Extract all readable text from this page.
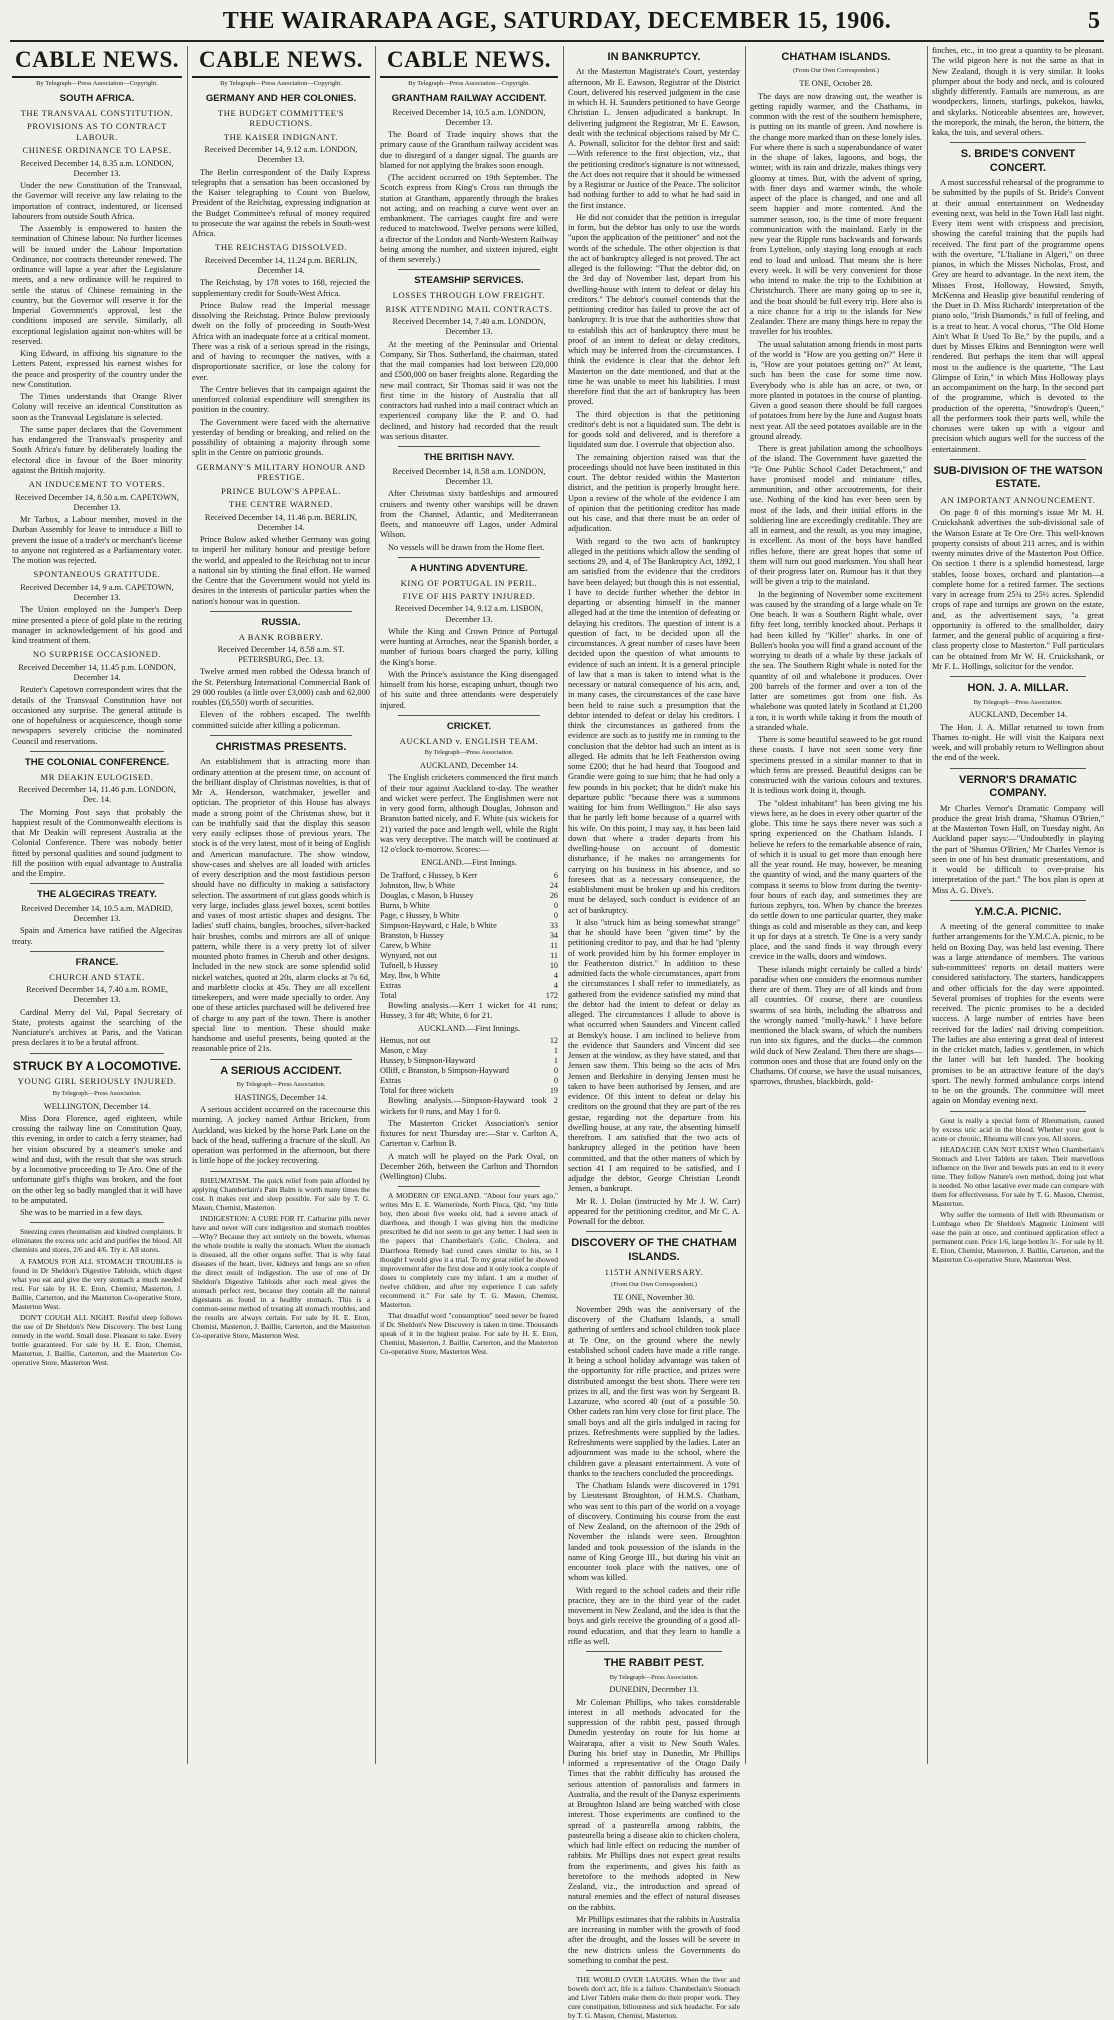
THE WAIRARAPA AGE, SATURDAY, DECEMBER 15, 1906.	5
CABLE NEWS.

By Telegraph—Press Association—Copyright.

SOUTH AFRICA.
THE TRANSVAAL CONSTITUTION.
PROVISIONS AS TO CONTRACT LABOUR.
CHINESE ORDINANCE TO LAPSE.

Received December 14, 8.35 a.m. LONDON, December 13.

Under the new Constitution of the Transvaal, the Governor will receive any law relating to the importation of contract, indentured, or licensed labourers from outside South Africa.

The Assembly is empowered to hasten the termination of Chinese labour. No further licenses will be issued under the Labour Importation Ordinance, nor contracts thereunder renewed. The ordinance will lapse a year after the Legislature meets, and a new ordinance will be required to settle the status of Chinese remaining in the country, but the Governor will reserve it for the Imperial Government's approval, lest the conditions imposed are servile. Similarly, all exceptional legislation against non-whites will be reserved.

King Edward, in affixing his signature to the Letters Patent, expressed his earnest wishes for the peace and prosperity of the country under the new Constitution.

The Times understands that Orange River Colony will receive an identical Constitution as soon as the Transvaal Legislature is selected.

The same paper declares that the Government has endangered the Transvaal's prosperity and South Africa's future by deliberately loading the electoral dice in favour of the Boer minority against the British majority.

AN INDUCEMENT TO VOTERS.

Received December 14, 8.50 a.m. CAPETOWN, December 13.

Mr Tarbox, a Labour member, moved in the Durban Assembly for leave to introduce a Bill to prevent the issue of a trader's or merchant's license to anyone not registered as a Parliamentary voter. The motion was rejected.

SPONTANEOUS GRATITUDE.

Received December 14, 9 a.m. CAPETOWN, December 13.

The Union employed on the Jumper's Deep mine presented a piece of gold plate to the retiring manager in acknowledgement of his good and kind treatment of them.

NO SURPRISE OCCASIONED.

Received December 14, 11.45 p.m. LONDON, December 14.

Reuter's Capetown correspondent wires that the details of the Transvaal Constitution have not occasioned any surprise. The general attitude is one of hopefulness or acquiescence, though some newspapers severely criticise the nominated Council and reservations.

THE COLONIAL CONFERENCE.
MR DEAKIN EULOGISED.

Received December 14, 11.46 p.m. LONDON, Dec. 14.

The Morning Post says that probably the happiest result of the Commonwealth elections is that Mr Deakin will represent Australia at the Colonial Conference. There was nobody better fitted by personal qualities and sound judgment to fill the position with equal advantage to Australia and the Empire.

THE ALGECIRAS TREATY.

Received December 14, 10.5 a.m. MADRID, December 13.

Spain and America have ratified the Algeciras treaty.

FRANCE.
CHURCH AND STATE.

Received December 14, 7.40 a.m. ROME, December 13.

Cardinal Merry del Val, Papal Secretary of State, protests against the searching of the Nunciature's archives at Paris, and the Vatican press declares it to be a brutal affront.

STRUCK BY A LOCOMOTIVE.
YOUNG GIRL SERIOUSLY INJURED.

By Telegraph—Press Association.

WELLINGTON, December 14.

Miss Dora Florence, aged eighteen, while crossing the railway line on Constitution Quay, this evening, in order to catch a ferry steamer, had her vision obscured by a steamer's smoke and wind and dust, with the result that she was struck by a locomotive proceeding to Te Aro. One of the unfortunate girl's thighs was broken, and the foot on the other leg so badly mangled that it will have to be amputated.

She was to be married in a few days.

Sneezing cures rheumatism and kindred complaints. It eliminates the excess uric acid and purifies the blood. All chemists and stores, 2/6 and 4/6. Try it. All stores.

A FAMOUS FOR ALL STOMACH TROUBLES is found in Dr Sheldon's Digestive Tabloids, which digest what you eat and give the very stomach a much needed rest. For sale by H. E. Eton, Chemist, Masterton, J. Baillie, Carterton, and the Masterton Co-operative Store, Masterton West.

DON'T COUGH ALL NIGHT. Restful sleep follows the use of Dr Sheldon's New Discovery. The best Lung remedy in the world. Small dose. Pleasant to take. Every bottle guaranteed. For sale by H. E. Eton, Chemist, Masterton, J. Baillie, Carterton, and the Masterton Co-operative Store, Masterton West.

CABLE NEWS.

By Telegraph—Press Association—Copyright.

GERMANY AND HER COLONIES.
THE BUDGET COMMITTEE'S REDUCTIONS.
THE KAISER INDIGNANT.

Received December 14, 9.12 a.m. LONDON, December 13.

The Berlin correspondent of the Daily Express telegraphs that a sensation has been occasioned by the Kaiser telegraphing to Count von Buelow, President of the Reichstag, expressing indignation at the Budget Committee's refusal of money required to prosecute the war against the rebels in South-west Africa.

THE REICHSTAG DISSOLVED.

Received December 14, 11.24 p.m. BERLIN, December 14.

The Reichstag, by 178 votes to 168, rejected the supplementary credit for South-West Africa.

Prince Bulow read the Imperial message dissolving the Reichstag. Prince Bulow previously dwelt on the folly of proceeding in South-West Africa with an inadequate force at a critical moment. There was a risk of a serious spread in the risings, and of having to reconquer the natives, with a disproportionate sacrifice, or lose the colony for ever.

The Centre believes that its campaign against the unenforced colonial expenditure will strengthen its position in the country.

The Government were faced with the alternative yesterday of bending or breaking, and relied on the possibility of obtaining a majority through some split in the Centre on patriotic grounds.

GERMANY'S MILITARY HONOUR AND PRESTIGE.
PRINCE BULOW'S APPEAL.
THE CENTRE WARNED.

Received December 14, 11.46 p.m. BERLIN, December 14.

Prince Bulow asked whether Germany was going to imperil her military honour and prestige before the world, and appealed to the Reichstag not to incur a national sin by stinting the final effort. He warned the Centre that the Government would not yield its desires in the interests of particular parties when the nation's honour was in question.

RUSSIA.
A BANK ROBBERY.

Received December 14, 8.58 a.m. ST. PETERSBURG, Dec. 13.

Twelve armed men robbed the Odessa branch of the St. Petersburg International Commercial Bank of 29 000 roubles (a little over £3,000) cash and 62,000 roubles (£6,550) worth of securities.

Eleven of the robbers escaped. The twelfth committed suicide after killing a policeman.

CHRISTMAS PRESENTS.

An establishment that is attracting more than ordinary attention at the present time, on account of the brilliant display of Christmas novelties, is that of Mr A. Henderson, watchmaker, jeweller and optician. The proprietor of this House has always made a strong point of the Christmas show, but it can be truthfully said that the display this season very easily eclipses those of previous years. The stock is of the very latest, most of it being of English and American manufacture. The show window, show-cases and shelves are all loaded with articles of every description and the most fastidious person should have no difficulty in making a satisfactory selection. The assortment of cut glass goods which is very large, includes glass jewel boxes, scent bottles and vases of most artistic shapes and designs. The ladies' stuff chains, bangles, brooches, silver-backed hair brushes, combs and mirrors are all of unique pattern, while there is a very pretty lot of silver mounted photo frames in Cherub and other designs. Included in the new stock are some splendid solid nickel watches, quoted at 20s, alarm clocks at 7s 6d, and marblette clocks at 45s. They are all excellent timekeepers, and were made specially to order. Any one of these articles purchased will be delivered free of charge to any part of the town. There is another special line to mention. These should make handsome and useful presents, being quoted at the reasonable price of 21s.

A SERIOUS ACCIDENT.

By Telegraph—Press Association.

HASTINGS, December 14.

A serious accident occurred on the racecourse this morning. A jockey named Arthur Bricken, from Auckland, was kicked by the horse Park Lane on the back of the head, suffering a fracture of the skull. An operation was performed in the afternoon, but there is little hope of the jockey recovering.

RHEUMATISM. The quick relief from pain afforded by applying Chamberlain's Pain Balm is worth many times the cost. It makes rest and sleep possible. For sale by T. G. Mason, Chemist, Masterton.

INDIGESTION: A CURE FOR IT. Catharine pills never have and never will cure indigestion and stomach troubles—Why? Because they act entirely on the bowels, whereas the whole trouble is really the stomach. When the stomach is diseased, all the other organs suffer. That is why fatal diseases of the heart, liver, kidneys and lungs are so often the direct result of indigestion. The use of one of Dr Sheldon's Digestive Tabloids after each meal gives the stomach perfect rest, because they contain all the natural digestants as found in a healthy stomach. This is a common-sense method of treating all stomach troubles, and the results are always certain. For sale by H. E. Eton, Chemist, Masterton, J. Baillie, Carterton, and the Masterton Co-operative Store, Masterton West.

CABLE NEWS.

By Telegraph—Press Association—Copyright.

GRANTHAM RAILWAY ACCIDENT.

Received December 14, 10.5 a.m. LONDON, December 13.

The Board of Trade inquiry shows that the primary cause of the Grantham railway accident was due to disregard of a danger signal. The guards are blamed for not applying the brakes soon enough.

(The accident occurred on 19th September. The Scotch express from King's Cross ran through the station at Grantham, apparently through the brakes not acting, and on reaching a curve went over an embankment. The carriages caught fire and were reduced to matchwood. Twelve persons were killed, a director of the London and North-Western Railway being among the number, and sixteen injured, eight of them severely.)

STEAMSHIP SERVICES.
LOSSES THROUGH LOW FREIGHT.
RISK ATTENDING MAIL CONTRACTS.

Received December 14, 7.40 a.m. LONDON, December 13.

At the meeting of the Peninsular and Oriental Company, Sir Thos. Sutherland, the chairman, stated that the mail companies had lost between £20,000 and £500,000 on baser freights alone. Regarding the new mail contract, Sir Thomas said it was not the first time in the history of Australia that all contractors had rushed into a mail contract which an experienced company like the P. and O. had declined, and history had recorded that the result was serious disaster.

THE BRITISH NAVY.

Received December 14, 8.58 a.m. LONDON, December 13.

After Christmas sixty battleships and armoured cruisers and twenty other warships will be drawn from the Channel, Atlantic, and Mediterranean fleets, and manoeuvre off Lagos, under Admiral Wilson.

No vessels will be drawn from the Home fleet.

A HUNTING ADVENTURE.
KING OF PORTUGAL IN PERIL.
FIVE OF HIS PARTY INJURED.

Received December 14, 9.12 a.m. LISBON, December 13.

While the King and Crown Prince of Portugal were hunting at Arroches, near the Spanish border, a number of furious boars charged the party, killing the King's horse.

With the Prince's assistance the King disengaged himself from his horse, escaping unhurt, though two of his suite and three attendants were desperately injured.

CRICKET.
AUCKLAND v. ENGLISH TEAM.

By Telegraph—Press Association.

AUCKLAND, December 14.

The English cricketers commenced the first match of their tour against Auckland to-day. The weather and wicket were perfect. The Englishmen were not in very good form, although Douglas, Johnson and Branston batted nicely, and F. White (six wickets for 21) varied the pace and length well, while the Right was very deceptive. The match will be continued at 12 o'clock to-morrow. Scores:—

ENGLAND.—First Innings.

De Trafford, c Hussey, b Kerr	6
Johnston, lbw, b White	24
Douglas, c Mason, b Hussey	26
Burns, b White	0
Page, c Hussey, b White	0
Simpson-Hayward, c Hale, b White	33
Branston, b Hussey	34
Carew, b White	11
Wynyard, not out	11
Tufnell, b Hussey	10
May, lbw, b White	4
Extras	4
Total	172

Bowling analysis.—Kerr 1 wicket for 41 runs; Hussey, 3 for 48; White, 6 for 21.

AUCKLAND.—First Innings.

Hemus, not out	12
Mason, c May	1
Hussey, b Simpson-Hayward	1
Olliff, c Branston, b Simpson-Hayward	0
Extras	0
Total for three wickets	19

Bowling analysis.—Simpson-Hayward took 2 wickets for 0 runs, and May 1 for 0.

The Masterton Cricket Association's senior fixtures for next Thursday are:—Star v. Carlton A, Carterton v. Carlton B.

A match will be played on the Park Oval, on December 26th, between the Carlton and Thorndon (Wellington) Clubs.

A MODERN OF ENGLAND. "About four years ago," writes Mrs E. E. Warnerinde, North Pinca, Qld, "my little boy, then about five weeks old, had a severe attack of diarrhoea, and though I was giving him the medicine prescribed he did not seem to get any better. I had seen in the papers that Chamberlain's Colic, Cholera, and Diarrhoea Remedy had cured cases similar to his, so I thought I would give it a trial. To my great relief he showed improvement after the first dose and it only took a couple of doses to completely cure my infant. I am a mother of twelve children, and after my experience I can safely recommend it." For sale by T. G. Mason, Chemist, Masterton.

That dreadful word "consumption" need never be feared if Dr. Sheldon's New Discovery is taken in time. Thousands speak of it in the highest praise. For sale by H. E. Eton, Chemist, Masterton, J. Baillie, Carterton, and the Masterton Co-operative Store, Masterton West.

IN BANKRUPTCY.

At the Masterton Magistrate's Court, yesterday afternoon, Mr E. Eawson, Registrar of the District Court, delivered his reserved judgment in the case in which H. H. Saunders petitioned to have George Christian L. Jensen adjudicated a bankrupt. In delivering judgment the Registrar, Mr E. Eawson, dealt with the technical objections raised by Mr C. A. Pownall, solicitor for the debtor first and said:—With reference to the first objection, viz., that the petitioning creditor's signature is not witnessed, the Act does not require that it should be witnessed by a Registrar or Justice of the Peace. The solicitor had nothing further to add to what he had said in the first instance.

He did not consider that the petition is irregular in form, but the debtor has only to use the words "upon the application of the petitioner" and not the words of the schedule. The other objection is that the act of bankruptcy alleged is not proved. The act alleged is the following: "That the debtor did, on the 3rd day of November last, depart from his dwelling-house with intent to defeat or delay his creditors." The debtor's counsel contends that the petitioning creditor has failed to prove the act of bankruptcy. It is true that the authorities show that to establish this act of bankruptcy there must be proof of an intent to defeat or delay creditors, which may be inferred from the circumstances. I think the evidence is clear that the debtor left Masterton on the date mentioned, and that at the time he was unable to meet his liabilities. I must therefore find that the act of bankruptcy has been proved.

The third objection is that the petitioning creditor's debt is not a liquidated sum. The debt is for goods sold and delivered, and is therefore a liquidated sum due. I overrule that objection also.

The remaining objection raised was that the proceedings should not have been instituted in this court. The debtor resided within the Masterton district, and the petition is properly brought here. Upon a review of the whole of the evidence I am of opinion that the petitioning creditor has made out his case, and that there must be an order of adjudication.

With regard to the two acts of bankruptcy alleged in the petitions which allow the sending of sections 29, and 4, of The Bankruptcy Act, 1892, I am satisfied from the evidence that the creditors have been delayed; but though this is not essential, I have to decide further whether the debtor in departing or absenting himself in the manner alleged had at the time the intention of defeating or delaying his creditors. The question of intent is a question of fact, to be decided upon all the circumstances. A great number of cases have been decided upon the question of what amounts to evidence of such an intent. It is a general principle of law that a man is taken to intend what is the necessary or natural consequence of his acts, and, in many cases, the circumstances of the case have been held to raise such a presumption that the debtor intended to defeat or delay his creditors. I think the circumstances as gathered from the evidence are such as to justify me in coming to the conclusion that the debtor had such an intent as is alleged. He admits that he left Featherston owing some £200; that he had heard that Toogood and Grandie were going to sue him; that he had only a few pounds in his pocket; that he didn't make his departure public "because there was a summons waiting for him from Wellington." He also says that he partly left home because of a quarrel with his wife. On this point, I may say, it has been laid down that where a trader departs from his dwelling-house on account of domestic disturbance, if he makes no arrangements for carrying on his business in his absence, and so foresees that as a necessary consequence, the establishment must be broken up and his creditors must be delayed, such conduct is evidence of an act of bankruptcy.

It also "struck him as being somewhat strange" that he should have been "given time" by the petitioning creditor to pay, and that he had "plenty of work provided him by his former employer in the Featherston district." In addition to these admitted facts the whole circumstances, apart from the circumstances I shall refer to immediately, as gathered from the evidence satisfied my mind that the debtor had the intent to defeat or delay as alleged. The circumstances I allude to above is what occurred when Saunders and Vincent called at Bensky's house. I am inclined to believe from the evidence that Saunders and Vincent did see Jensen at the window, as they have stated, and that Jensen saw them. This being so the acts of Mrs Jensen and Berkshire in denying Jensen must be taken to have been authorised by Jensen, and are evidence. Of this intent to defeat or delay his creditors on the ground that they are part of the res gestae, regarding not the departure from his dwelling house, at any rate, the absenting himself therefrom. I am satisfied that the two acts of bankruptcy alleged in the petition have been committed, and that the other matters of which by section 41 I am required to be satisfied, and I adjudge the debtor, George Christian Leondt Jensen, a bankrupt.

Mr R. J. Dolan (instructed by Mr J. W. Carr) appeared for the petitioning creditor, and Mr C. A. Pownall for the debtor.

DISCOVERY OF THE CHATHAM ISLANDS.
115TH ANNIVERSARY.

(From Our Own Correspondent.)

TE ONE, November 30.

November 29th was the anniversary of the discovery of the Chatham Islands, a small gathering of settlers and school children took place at Te One, on the ground where the newly established school cadets have made a rifle range. It being a school holiday advantage was taken of the opportunity for rifle practice, and prizes were distributed amongst the best shots. There were ten prizes in all, and the first was won by Sergeant B. Lazaruze, who scored 40 (out of a possible 50. Other cadets ran him very close for first place. The small boys and all the girls indulged in racing for prizes. Refreshments were supplied by the ladies. Refreshments were supplied by the ladies. Later an adjournment was made to the school, where the children gave a pleasant entertainment. A vote of thanks to the teachers concluded the proceedings.

The Chatham Islands were discovered in 1791 by Lieutenant Broughton, of H.M.S. Chatham, who was sent to this part of the world on a voyage of discovery. Continuing his course from the east of New Zealand, on the afternoon of the 29th of November the islands were seen. Broughton landed and took possession of the islands in the name of King George III., but during his visit an encounter took place with the natives, one of whom was killed.

With regard to the school cadets and their rifle practice, they are in the third year of the cadet movement in New Zealand, and the idea is that the boys and girls receive the grounding of a good all-round education, and that they learn to handle a rifle as well.

THE RABBIT PEST.

By Telegraph—Press Association.

DUNEDIN, December 13.

Mr Coleman Phillips, who takes considerable interest in all methods advocated for the suppression of the rabbit pest, passed through Dunedin yesterday on route for his home at Wairarapa, after a visit to New South Wales. During his brief stay in Dunedin, Mr Phillips informed a representative of the Otago Daily Times that the rabbit difficulty has aroused the serious attention of pastoralists and farmers in Australia, and the result of the Danysz experiments at Broughton Island are being watched with close interest. Those experiments are confined to the spread of a pasteurella among rabbits, the pasteurella being a disease akin to chicken cholera, which had little effect on reducing the number of rabbits. Mr Phillips does not expect great results from the experiments, and gives his faith as heretofore to the methods adopted in New Zealand, viz., the introduction and spread of natural enemies and the effect of natural diseases on the rabbits.

Mr Phillips estimates that the rabbits in Australia are increasing in number with the growth of food after the drought, and the losses will be severe in the new districts unless the Governments do something to combat the pest.

THE WORLD OVER LAUGHS. When the liver and bowels don't act, life is a failure. Chamberlain's Stomach and Liver Tablets make them do their proper work. They cure constipation, biliousness and sick headache. For sale by T. G. Mason, Chemist, Masterton.

CHATHAM ISLANDS.

(From Our Own Correspondent.)

TE ONE, October 28.

The days are now drawing out, the weather is getting rapidly warmer, and the Chathams, in common with the rest of the southern hemisphere, is putting on its mantle of green. And nowhere is the change more marked than on these lonely isles. For where there is such a superabundance of water in the shape of lakes, lagoons, and bogs, the winter, with its rain and drizzle, makes things very gloomy at times. But, with the advent of spring, with finer days and warmer winds, the whole aspect of the place is changed, and one and all seem happier and more contented. And the summer season, too, is the time of more frequent communication with the mainland. Early in the new year the Ripple runs backwards and forwards from Lyttelton, only staying long enough at each end to load and unload. That means she is here every week. It will be very convenient for those who intend to make the trip to the Exhibition at Christchurch. There are many going up to see it, and the boat should be full every trip. Here also is a nice chance for a trip to the islands for New Zealander. There are many things here to repay the traveller for his troubles.

The usual salutation among friends in most parts of the world is "How are you getting on?" Here it is, "How are your potatoes getting on?" At least, such has been the case for some time now. Everybody who is able has an acre, or two, or more planted in potatoes in the course of planting. Given a good season there should be full cargoes of potatoes from here by the June and August boats next year. All the seed potatoes available are in the ground already.

There is great jubilation among the schoolboys of the island. The Government have gazetted the "Te One Public School Cadet Detachment," and have promised model and miniature rifles, ammunition, and other accoutrements, for their use. Nothing of the kind has ever been seen by most of the lads, and their initial efforts in the soldiering line are exceedingly creditable. They are all in earnest, and the result, as you may imagine, is excellent. As most of the boys have handled rifles before, there are great hopes that some of them will turn out good marksmen. You shall hear of their progress later on. Rumour has it that they will be given a trip to the mainland.

In the beginning of November some excitement was caused by the stranding of a large whale on Te One beach. It was a Southern Right whale, over fifty feet long, terribly knocked about. Perhaps it had been killed by "Killer" sharks. In one of Bullen's books you will find a grand account of the worrying to death of a whale by these jackals of the sea. The Southern Right whale is noted for the quantity of oil and whalebone it produces. Over 200 barrels of the former and over a ton of the latter are sometimes got from one fish. As whalebone was quoted lately in Scotland at £1,200 a ton, it is worth while taking it from the mouth of a stranded whale.

There is some beautiful seaweed to be got round these coasts. I have not seen some very fine specimens pressed in a similar manner to that in which ferns are pressed. Beautiful designs can be constructed with the various colours and textures. It is tedious work doing it, though.

The "oldest inhabitant" has been giving me his views here, as he does in every other quarter of the globe. This time he says there never was such a spring experienced on the Chatham Islands. I believe he refers to the remarkable absence of rain, of which it is usual to get more than enough here all the year round. He may, however, be meaning the quantity of wind, and the many quarters of the compass it seems to blow from during the twenty-four hours of each day, and sometimes they are furious zephyrs, too. When by chance the breezes do settle down to one particular quarter, they make things as cold and miserable as they can, and keep it up for days at a stretch. Te One is a very sandy place, and the sand finds it way through every crevice in the walls, doors and windows.

These islands might certainly be called a birds' paradise when one considers the enormous number there are of them. They are of all kinds and from all countries. Of course, there are countless swarms of sea birds, including the albatross and the wrongly named "molly-hawk." I have before mentioned the black swans, of which the numbers run into six figures, and the ducks—the common wild duck of New Zealand. Then there are shags—common ones and those that are found only on the Chathams. Of course, we have the usual nuisances, sparrows, thrushes, blackbirds, gold-

finches, etc., in too great a quantity to be pleasant. The wild pigeon here is not the same as that in New Zealand, though it is very similar. It looks plumper about the body and neck, and is coloured slightly differently. Fantails are numerous, as are woodpeckers, linnets, starlings, pukekos, hawks, and skylarks. Noticeable absentees are, however, the morepork, the minah, the heron, the bittern, the kaka, the tuis, and several others.

S. BRIDE'S CONVENT CONCERT.

A most successful rehearsal of the programme to be submitted by the pupils of St. Bride's Convent at their annual entertainment on Wednesday evening next, was held in the Town Hall last night. Every item went with crispness and precision, showing the careful training that the pupils had received. The first part of the programme opens with the overture, "L'Italiane in Algeri," on three pianos, in which the Misses Nicholas, Frost, and Grey are heard to advantage. In the next item, the Misses Frost, Holloway, Howsted, Smyth, McKenna and Heaslip give beautiful rendering of the Duet in D. Miss Richards' interpretation of the piano solo, "Irish Diamonds," is full of feeling, and is a treat to hear. A vocal chorus, "The Old Home Ain't What It Used To Be," by the pupils, and a duet by Misses Elkins and Bennington were well rendered. But perhaps the item that will appeal most to the audience is the quartette, "The Last Glimpse of Erin," in which Miss Holloway plays an accompaniment on the harp. In the second part of the programme, which is devoted to the production of the operetta, "Snowdrop's Queen," all the performers took their parts well, while the choruses were taken up with a vigour and precision which augurs well for the success of the entertainment.

SUB-DIVISION OF THE WATSON ESTATE.
AN IMPORTANT ANNOUNCEMENT.

On page 8 of this morning's issue Mr M. H. Cruickshank advertises the sub-divisional sale of the Watson Estate at Te Ore Ore. This well-known property consists of about 211 acres, and is within twenty minutes drive of the Masterton Post Office. On section 1 there is a splendid homestead, large stables, loose boxes, orchard and plantation—a complete home for a retired farmer. The sections vary in acreage from 25¾ to 25½ acres. Splendid crops of rape and turnips are grown on the estate, and, as the advertisement says, "a great opportunity is offered to the smallholder, dairy farmer, and the general public of acquiring a first-class property close to Masterton." Full particulars can be obtained from Mr W. H. Cruickshank, or Mr F. L. Hollings, solicitor for the vendor.

HON. J. A. MILLAR.

By Telegraph—Press Association.

AUCKLAND, December 14.

The Hon. J. A. Millar returned to town from Thames to-night. He will visit the Kaipara next week, and will probably return to Wellington about the end of the week.

VERNOR'S DRAMATIC COMPANY.

Mr Charles Vernor's Dramatic Company will produce the great Irish drama, "Shamus O'Brien," at the Masterton Town Hall, on Tuesday night. An Auckland paper says:—"Undoubtedly in playing the part of 'Shamus O'Brien,' Mr Charles Vernor is seen in one of his best dramatic presentations, and it would be difficult to over-praise his interpretation of the part." The box plan is open at Miss A. G. Dive's.

Y.M.C.A. PICNIC.

A meeting of the general committee to make further arrangements for the Y.M.C.A. picnic, to be held on Boxing Day, was held last evening. There was a large attendance of members. The various sub-committees' reports on detail matters were considered satisfactory. The starters, handicappers and other officials for the day were appointed. Several promises of trophies for the events were received. The picnic promises to be a decided success. A large number of entries have been received for the ladies' nail driving competition. The ladies are also entering a great deal of interest in the cricket match, ladies v. gentlemen, in which the latter will bat left handed. The booking promises to be an attractive feature of the day's sport. The newly formed ambulance corps intend to be on the grounds. The committee will meet again on Monday evening next.

Gout is really a special form of Rheumatism, caused by excess uric acid in the blood. Whether your gout is acute or chronic, Rheuma will cure you. All stores.

HEADACHE CAN NOT EXIST When Chamberlain's Stomach and Liver Tablets are taken. Their marvellous influence on the liver and bowels puts an end to it every time. They follow Nature's own method, doing just what is needed. No other laxative ever made can compare with them for effectiveness. For sale by T. G. Mason, Chemist, Masterton.

Why suffer the torments of Hell with Rheumatism or Lumbago when Dr Sheldon's Magnetic Liniment will ease the pain at once, and continued application effect a permanent cure. Price 1/6, large bottles 3/-. For sale by H. E. Eton, Chemist, Masterton, J. Baillie, Carterton, and the Masterton Co-operative Store, Masterton West.
